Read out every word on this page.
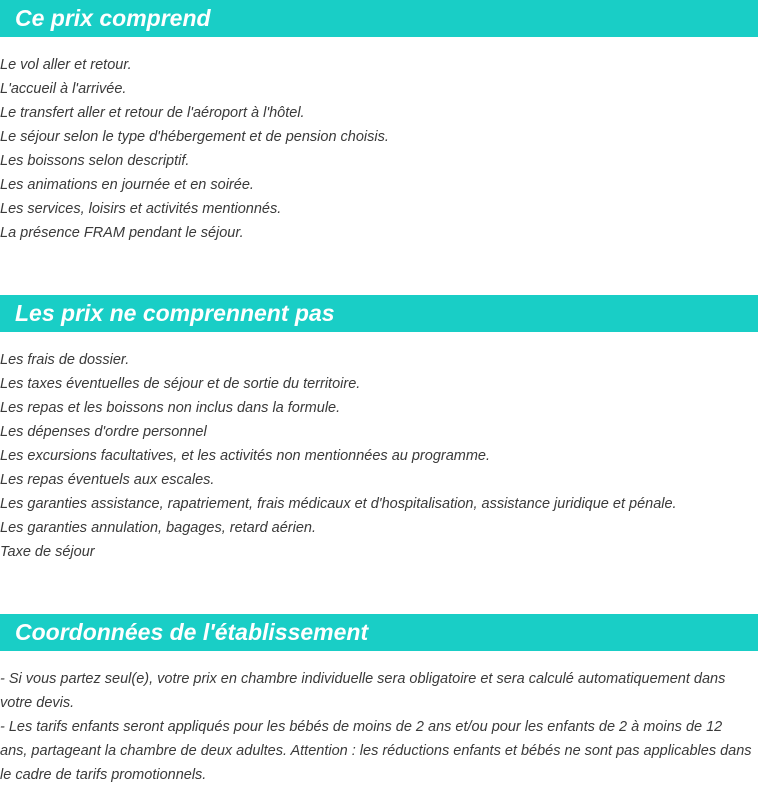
Ce prix comprend
Le vol aller et retour.
L'accueil à l'arrivée.
Le transfert aller et retour de l'aéroport à l'hôtel.
Le séjour selon le type d'hébergement et de pension choisis.
Les boissons selon descriptif.
Les animations en journée et en soirée.
Les services, loisirs et activités mentionnés.
La présence FRAM pendant le séjour.
Les prix ne comprennent pas
Les frais de dossier.
Les taxes éventuelles de séjour et de sortie du territoire.
Les repas et les boissons non inclus dans la formule.
Les dépenses d'ordre personnel
Les excursions facultatives, et les activités non mentionnées au programme.
Les repas éventuels aux escales.
Les garanties assistance, rapatriement, frais médicaux et d'hospitalisation, assistance juridique et pénale.
Les garanties annulation, bagages, retard aérien.
Taxe de séjour
Coordonnées de l'établissement

- Si vous partez seul(e), votre prix en chambre individuelle sera obligatoire et sera calculé automatiquement dans votre devis.

- Les tarifs enfants seront appliqués pour les bébés de moins de 2 ans et/ou pour les enfants de 2 à moins de 12 ans, partageant la chambre de deux adultes. Attention : les réductions enfants et bébés ne sont pas applicables dans le cadre de tarifs promotionnels.
